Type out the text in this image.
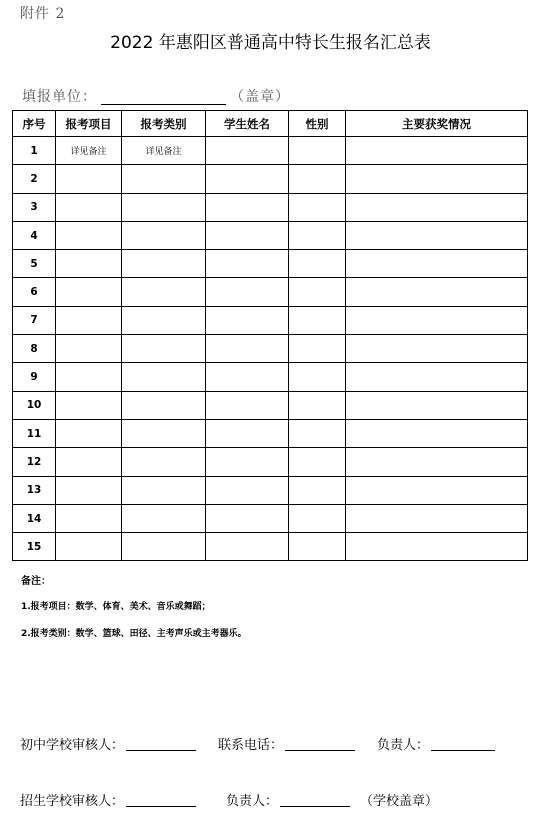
附件 2
2022 年惠阳区普通高中特长生报名汇总表
填报单位：	（盖章）
序号	报考项目	报考类别	学生姓名	性别	主要获奖情况
1	详见备注	详见备注			
2					
3					
4					
5					
6					
7					
8					
9					
10					
11					
12					
13					
14					
15					
备注：
1.报考项目：数学、体育、美术、音乐或舞蹈；
2.报考类别：数学、篮球、田径、主考声乐或主考器乐。
初中学校审核人：	联系电话：	负责人：
招生学校审核人：	负责人：	（学校盖章）
